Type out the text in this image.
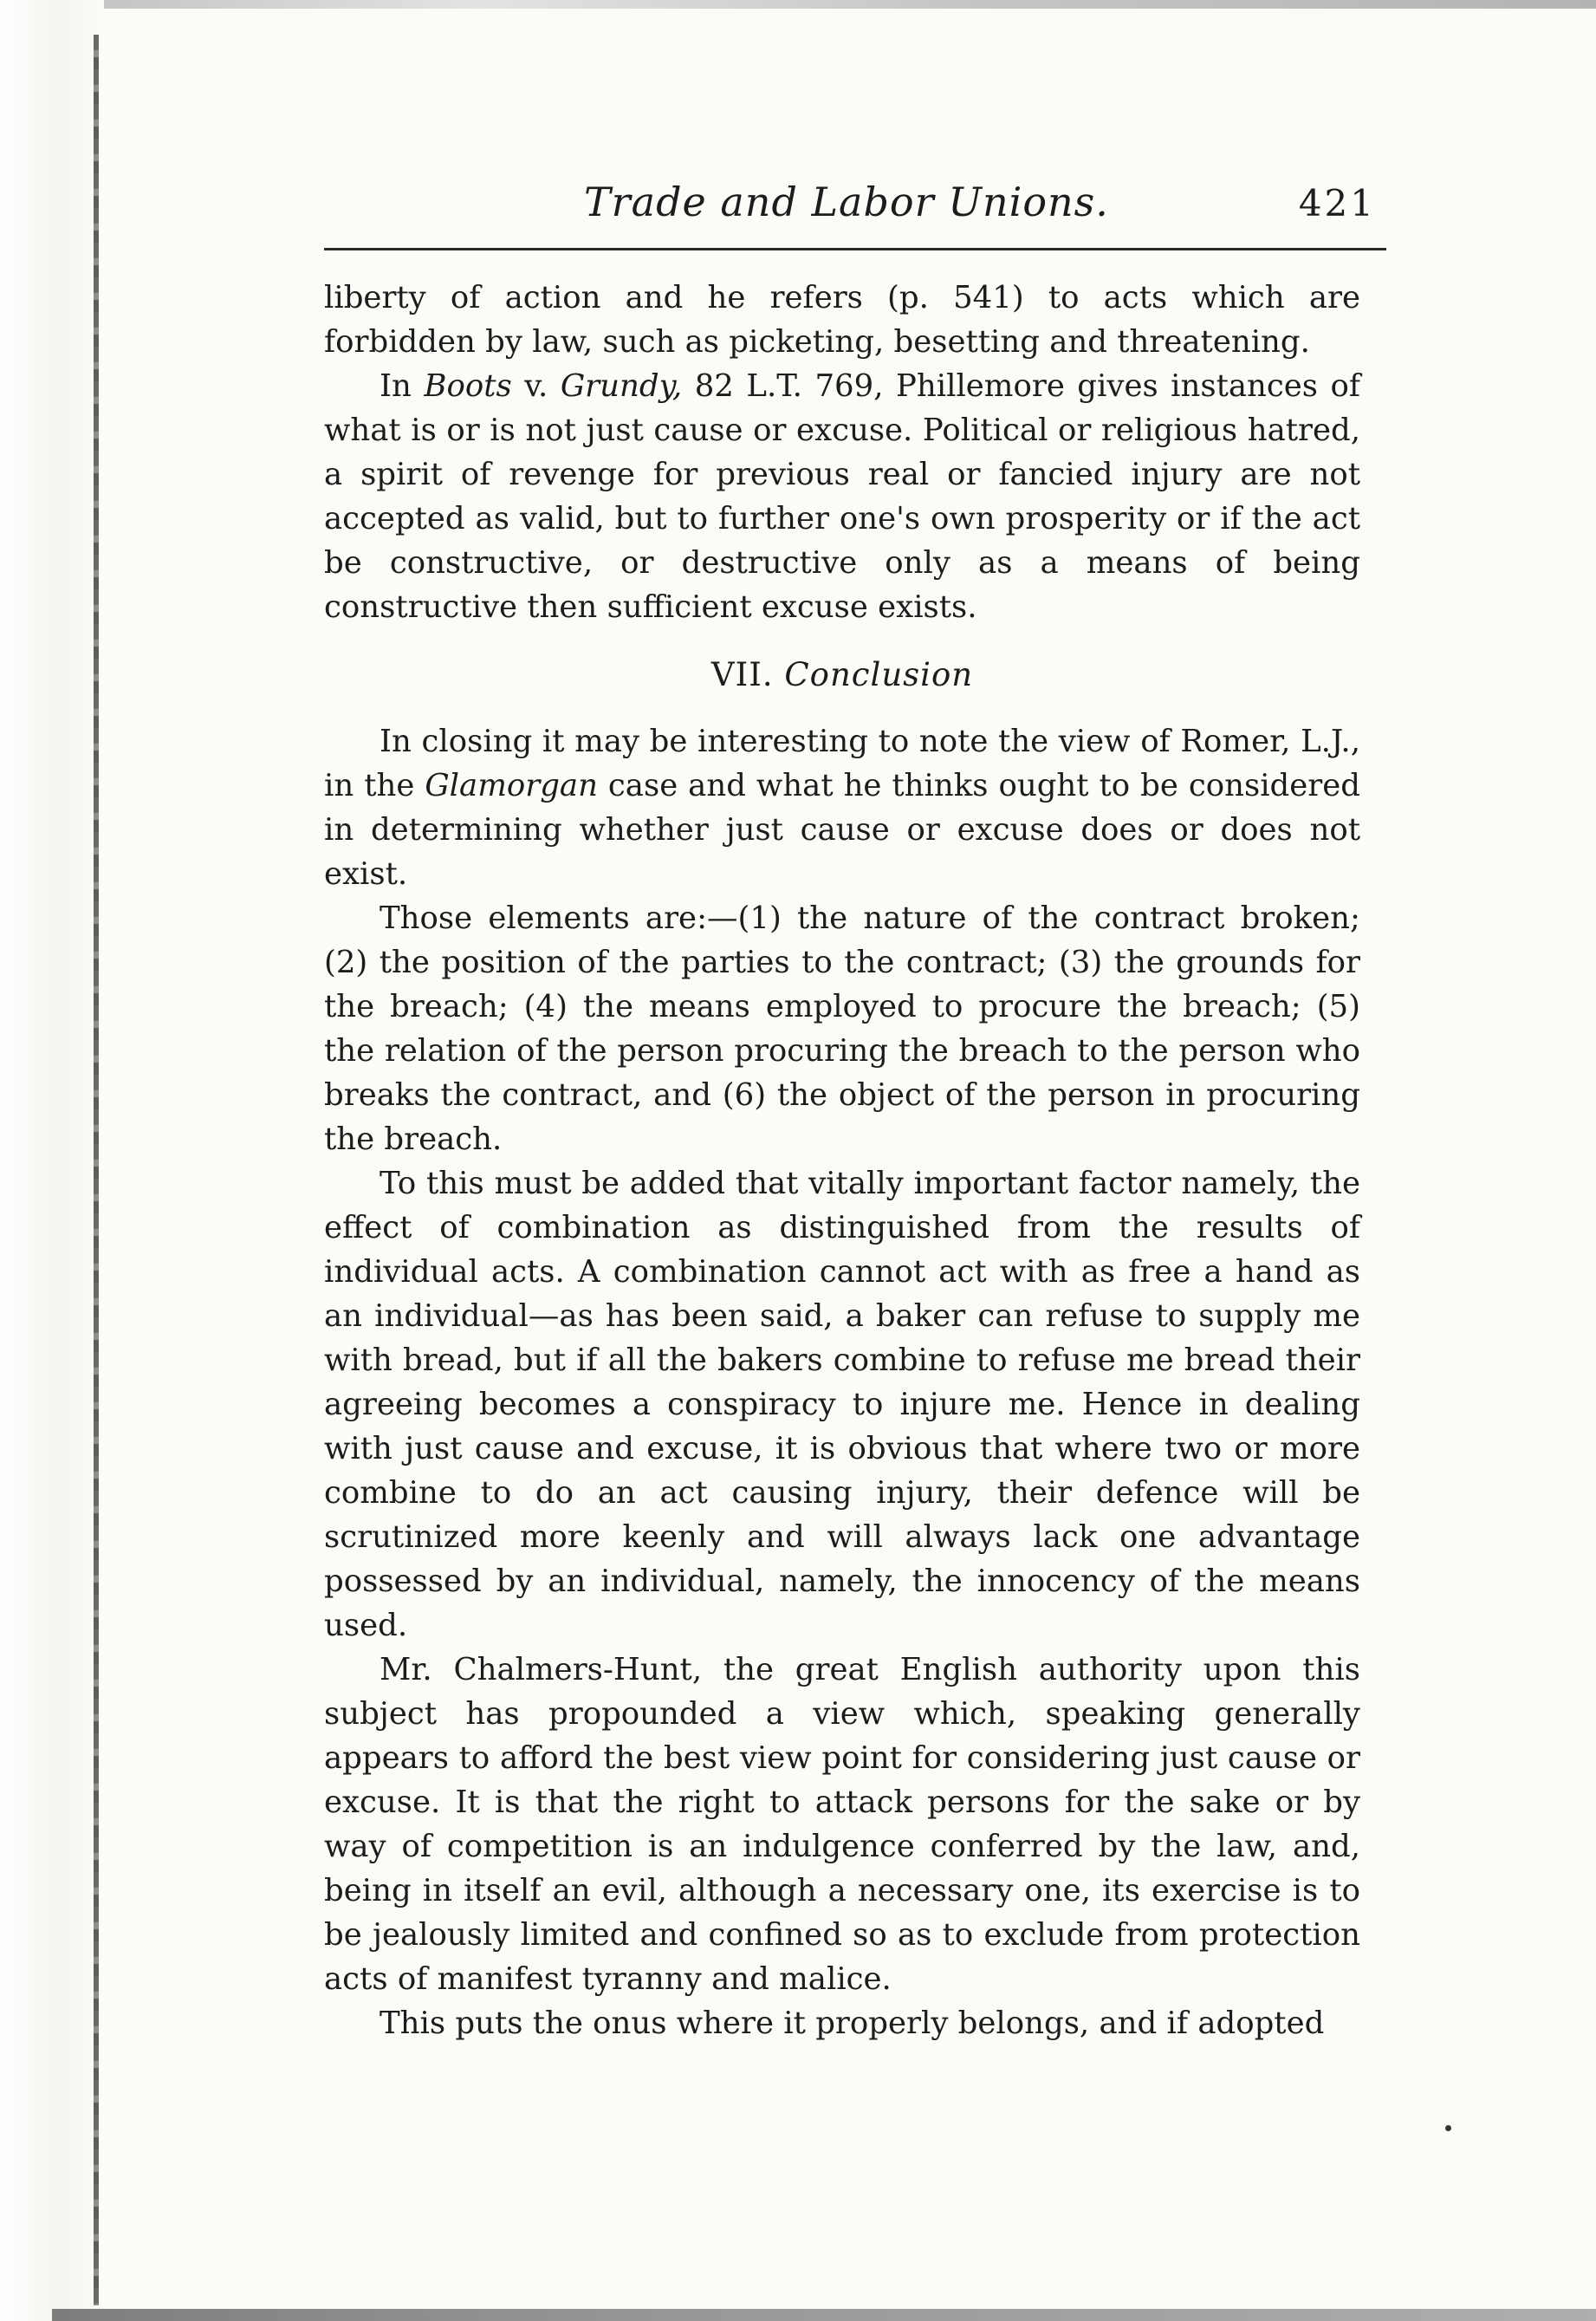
Trade and Labor Unions.	421

liberty of action and he refers (p. 541) to acts which are forbidden by law, such as picketing, besetting and threatening.

In Boots v. Grundy, 82 L.T. 769, Phillemore gives instances of what is or is not just cause or excuse. Political or religious hatred, a spirit of revenge for previous real or fancied injury are not accepted as valid, but to further one's own prosperity or if the act be constructive, or destructive only as a means of being constructive then sufficient excuse exists.

VII. Conclusion

In closing it may be interesting to note the view of Romer, L.J., in the Glamorgan case and what he thinks ought to be considered in determining whether just cause or excuse does or does not exist.

Those elements are:—(1) the nature of the contract broken; (2) the position of the parties to the contract; (3) the grounds for the breach; (4) the means employed to procure the breach; (5) the relation of the person procuring the breach to the person who breaks the contract, and (6) the object of the person in procuring the breach.

To this must be added that vitally important factor namely, the effect of combination as distinguished from the results of individual acts. A combination cannot act with as free a hand as an individual—as has been said, a baker can refuse to supply me with bread, but if all the bakers combine to refuse me bread their agreeing becomes a conspiracy to injure me. Hence in dealing with just cause and excuse, it is obvious that where two or more combine to do an act causing injury, their defence will be scrutinized more keenly and will always lack one advantage possessed by an individual, namely, the innocency of the means used.

Mr. Chalmers-Hunt, the great English authority upon this subject has propounded a view which, speaking generally appears to afford the best view point for considering just cause or excuse. It is that the right to attack persons for the sake or by way of competition is an indulgence conferred by the law, and, being in itself an evil, although a necessary one, its exercise is to be jealously limited and confined so as to exclude from protection acts of manifest tyranny and malice.

This puts the onus where it properly belongs, and if adopted
